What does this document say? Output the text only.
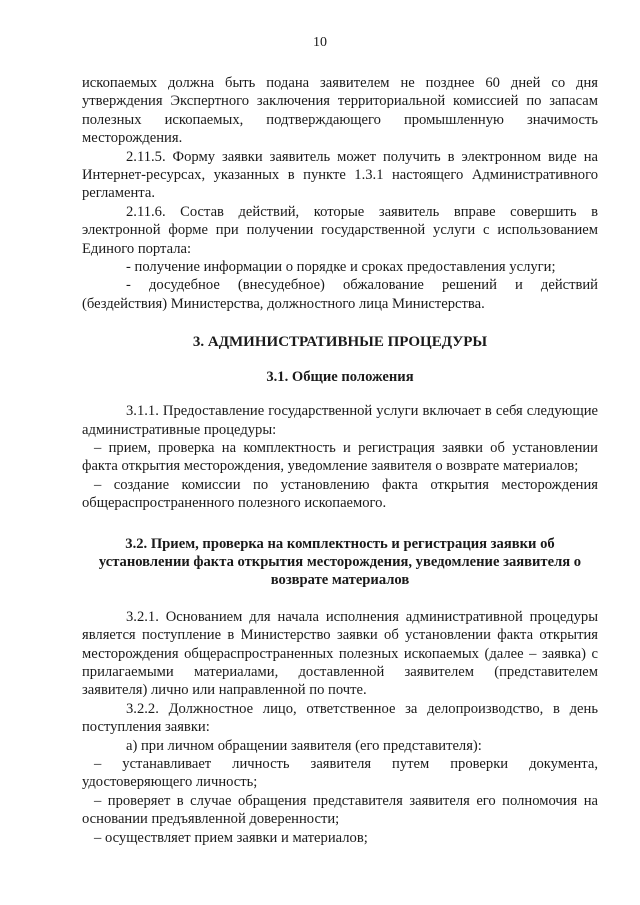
10

ископаемых должна быть подана заявителем не позднее 60 дней со дня утверждения Экспертного заключения территориальной комиссией по запасам полезных ископаемых, подтверждающего промышленную значимость месторождения.

2.11.5. Форму заявки заявитель может получить в электронном виде на Интернет-ресурсах, указанных в пункте 1.3.1 настоящего Административного регламента.

2.11.6. Состав действий, которые заявитель вправе совершить в электронной форме при получении государственной услуги с использованием Единого портала:

- получение информации о порядке и сроках предоставления услуги;

- досудебное (внесудебное) обжалование решений и действий (бездействия) Министерства, должностного лица Министерства.

3. АДМИНИСТРАТИВНЫЕ ПРОЦЕДУРЫ
3.1. Общие положения

3.1.1. Предоставление государственной услуги включает в себя следующие административные процедуры:

– прием, проверка на комплектность и регистрация заявки об установлении факта открытия месторождения, уведомление заявителя о возврате материалов;

– создание комиссии по установлению факта открытия месторождения общераспространенного полезного ископаемого.

3.2. Прием, проверка на комплектность и регистрация заявки об установлении факта открытия месторождения, уведомление заявителя о возврате материалов

3.2.1. Основанием для начала исполнения административной процедуры является поступление в Министерство заявки об установлении факта открытия месторождения общераспространенных полезных ископаемых (далее – заявка) с прилагаемыми материалами, доставленной заявителем (представителем заявителя) лично или направленной по почте.

3.2.2. Должностное лицо, ответственное за делопроизводство, в день поступления заявки:

а) при личном обращении заявителя (его представителя):

– устанавливает личность заявителя путем проверки документа, удостоверяющего личность;

– проверяет в случае обращения представителя заявителя его полномочия на основании предъявленной доверенности;

– осуществляет прием заявки и материалов;
